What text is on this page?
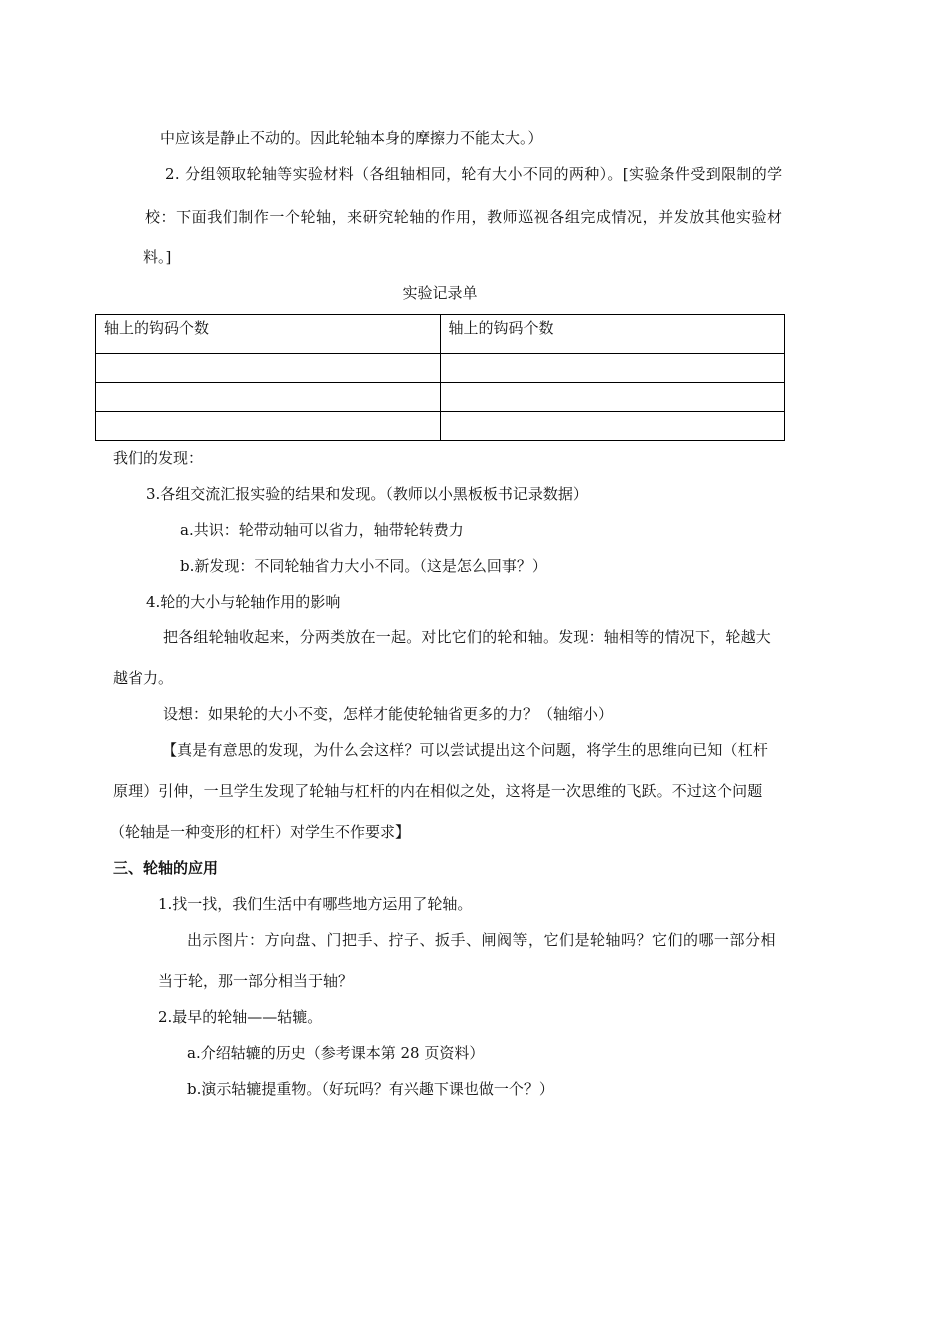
中应该是静止不动的。因此轮轴本身的摩擦力不能太大。）
2. 分组领取轮轴等实验材料（各组轴相同，轮有大小不同的两种）。[实验条件受到限制的学
校：下面我们制作一个轮轴，来研究轮轴的作用，教师巡视各组完成情况，并发放其他实验材
料。]
实验记录单
轴上的钩码个数	轴上的钩码个数

我们的发现：
3.各组交流汇报实验的结果和发现。（教师以小黑板板书记录数据）
a.共识：轮带动轴可以省力，轴带轮转费力
b.新发现：不同轮轴省力大小不同。（这是怎么回事？）
4.轮的大小与轮轴作用的影响
把各组轮轴收起来，分两类放在一起。对比它们的轮和轴。发现：轴相等的情况下，轮越大
越省力。
设想：如果轮的大小不变，怎样才能使轮轴省更多的力？（轴缩小）
【真是有意思的发现，为什么会这样？可以尝试提出这个问题，将学生的思维向已知（杠杆
原理）引伸，一旦学生发现了轮轴与杠杆的内在相似之处，这将是一次思维的飞跃。不过这个问题
（轮轴是一种变形的杠杆）对学生不作要求】
三、轮轴的应用
1.找一找，我们生活中有哪些地方运用了轮轴。
出示图片：方向盘、门把手、拧子、扳手、闸阀等，它们是轮轴吗？它们的哪一部分相
当于轮，那一部分相当于轴？
2.最早的轮轴——轱辘。
a.介绍轱辘的历史（参考课本第 28 页资料）
b.演示轱辘提重物。（好玩吗？有兴趣下课也做一个？）
